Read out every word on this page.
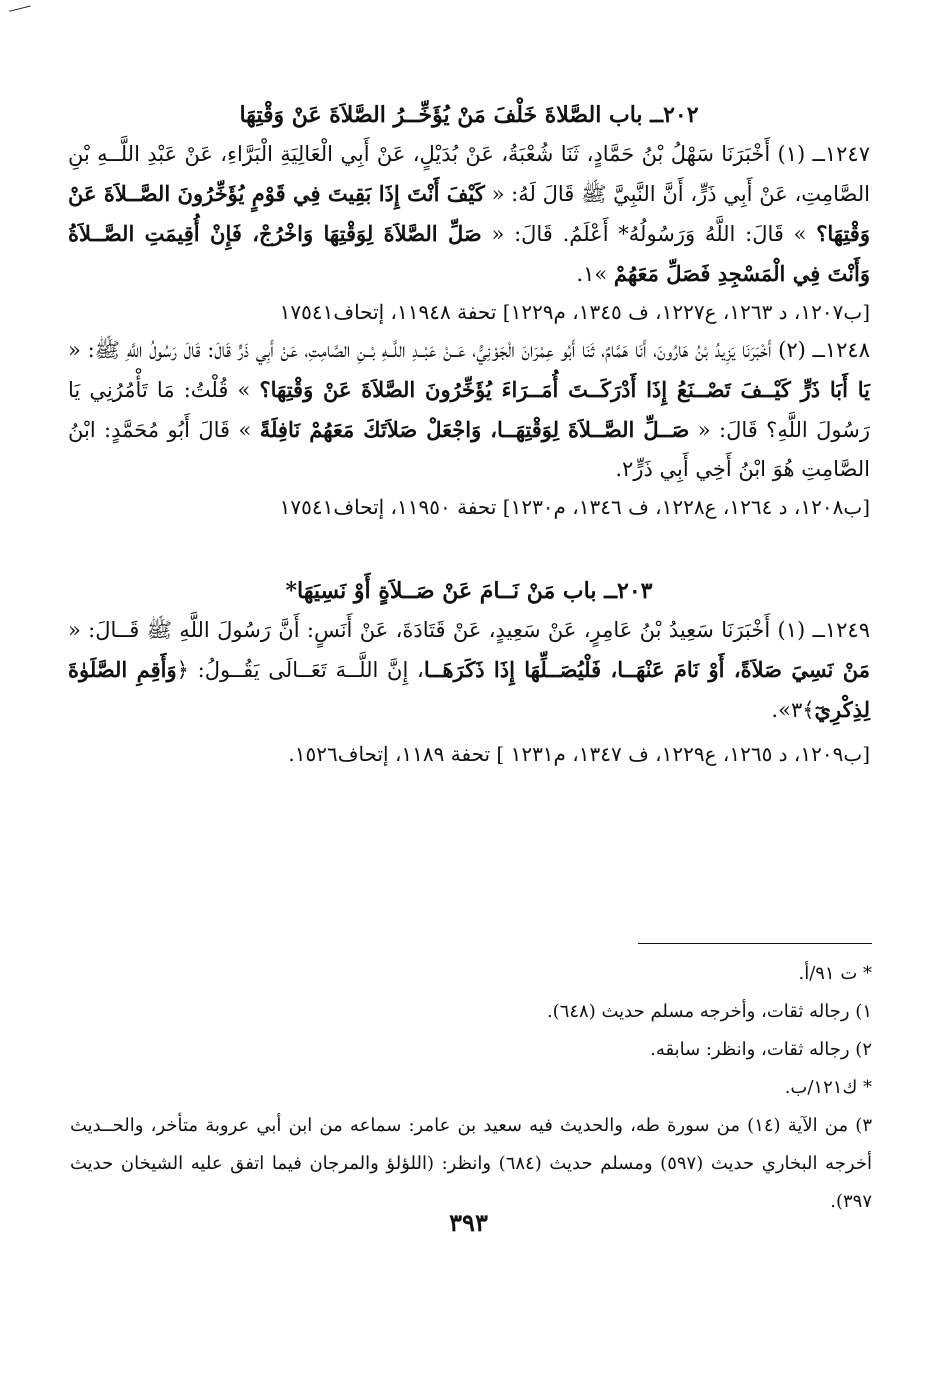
٢٠٢ــ باب الصَّلاةَ خَلْفَ مَنْ يُؤَخِّــرُ الصَّلاَةَ عَنْ وَقْتِهَا

١٢٤٧ــ (١) أَخْبَرَنَا سَهْلُ بْنُ حَمَّادٍ، ثَنَا شُعْبَةُ، عَنْ بُدَيْلٍ، عَنْ أَبِي الْعَالِيَةِ الْبَرَّاءِ، عَنْ عَبْدِ اللَّــهِ بْنِ الصَّامِتِ، عَنْ أَبِي ذَرٍّ، أَنَّ النَّبِيَّ ﷺ قَالَ لَهُ: « كَيْفَ أَنْتَ إِذَا بَقِيتَ فِي قَوْمٍ يُؤَخِّرُونَ الصَّــلاَةَ عَنْ وَقْتِهَا؟ » قَالَ: اللَّهُ وَرَسُولُهُ* أَعْلَمُ. قَالَ: « صَلِّ الصَّلاَةَ لِوَقْتِهَا وَاخْرُجْ، فَإِنْ أُقِيمَتِ الصَّــلاَةُ وَأَنْتَ فِي الْمَسْجِدِ فَصَلِّ مَعَهُمْ »١.

[ب١٢٠٧، د ١٢٦٣، ع١٢٢٧، ف ١٣٤٥، م١٢٢٩] تحفة ١١٩٤٨، إتحاف١٧٥٤١

١٢٤٨ــ (٢) أَخْبَرَنَا يَزِيدُ بْنُ هَارُونَ، أَنَا هَمَّامٌ، ثَنَا أَبُو عِمْرَانَ الْجَوْنِيُّ، عَــنْ عَبْــدِ اللَّــهِ بْــنِ الصَّامِتِ، عَنْ أَبِي ذَرٍّ قَالَ: قَالَ رَسُولُ اللَّهِ ﷺ: « يَا أَبَا ذَرٍّ كَيْــفَ تَصْــنَعُ إِذَا أَدْرَكَــتَ أُمَــرَاءَ يُؤَخِّرُونَ الصَّلاَةَ عَنْ وَقْتِهَا؟ » قُلْتُ: مَا تَأْمُرُنِي يَا رَسُولَ اللَّهِ؟ قَالَ: « صَــلِّ الصَّــلاَةَ لِوَقْتِهَــا، وَاجْعَلْ صَلاَتَكَ مَعَهُمْ نَافِلَةً » قَالَ أَبُو مُحَمَّدٍ: ابْنُ الصَّامِتِ هُوَ ابْنُ أَخِي أَبِي ذَرٍّ٢.

[ب١٢٠٨، د ١٢٦٤، ع١٢٢٨، ف ١٣٤٦، م١٢٣٠] تحفة ١١٩٥٠، إتحاف١٧٥٤١

٢٠٣ــ باب مَنْ نَــامَ عَنْ صَــلاَةٍ أَوْ نَسِيَهَا*

١٢٤٩ــ (١) أَخْبَرَنَا سَعِيدُ بْنُ عَامِرٍ، عَنْ سَعِيدٍ، عَنْ قَتَادَةَ، عَنْ أَنَسٍ: أَنَّ رَسُولَ اللَّهِ ﷺ قَــالَ: « مَنْ نَسِيَ صَلاَةً، أَوْ نَامَ عَنْهَــا، فَلْيُصَــلِّهَا إِذَا ذَكَرَهَــا، إِنَّ اللَّــهَ تَعَــالَى يَقُــولُ: ﴿وَأَقِمِ الصَّلَوٰةَ لِذِكْرِيٓ﴾٣».

[ب١٢٠٩، د ١٢٦٥، ع١٢٢٩، ف ١٣٤٧، م١٢٣١ ] تحفة ١١٨٩، إتحاف١٥٢٦.

* ت ٩١/أ.

١) رجاله ثقات، وأخرجه مسلم حديث (٦٤٨).

٢) رجاله ثقات، وانظر: سابقه.

* ك١٢١/ب.

٣) من الآية (١٤) من سورة طه، والحديث فيه سعيد بن عامر: سماعه من ابن أبي عروبة متأخر، والحــديث أخرجه البخاري حديث (٥٩٧) ومسلم حديث (٦٨٤) وانظر: (اللؤلؤ والمرجان فيما اتفق عليه الشيخان حديث ٣٩٧).

٣٩٣
